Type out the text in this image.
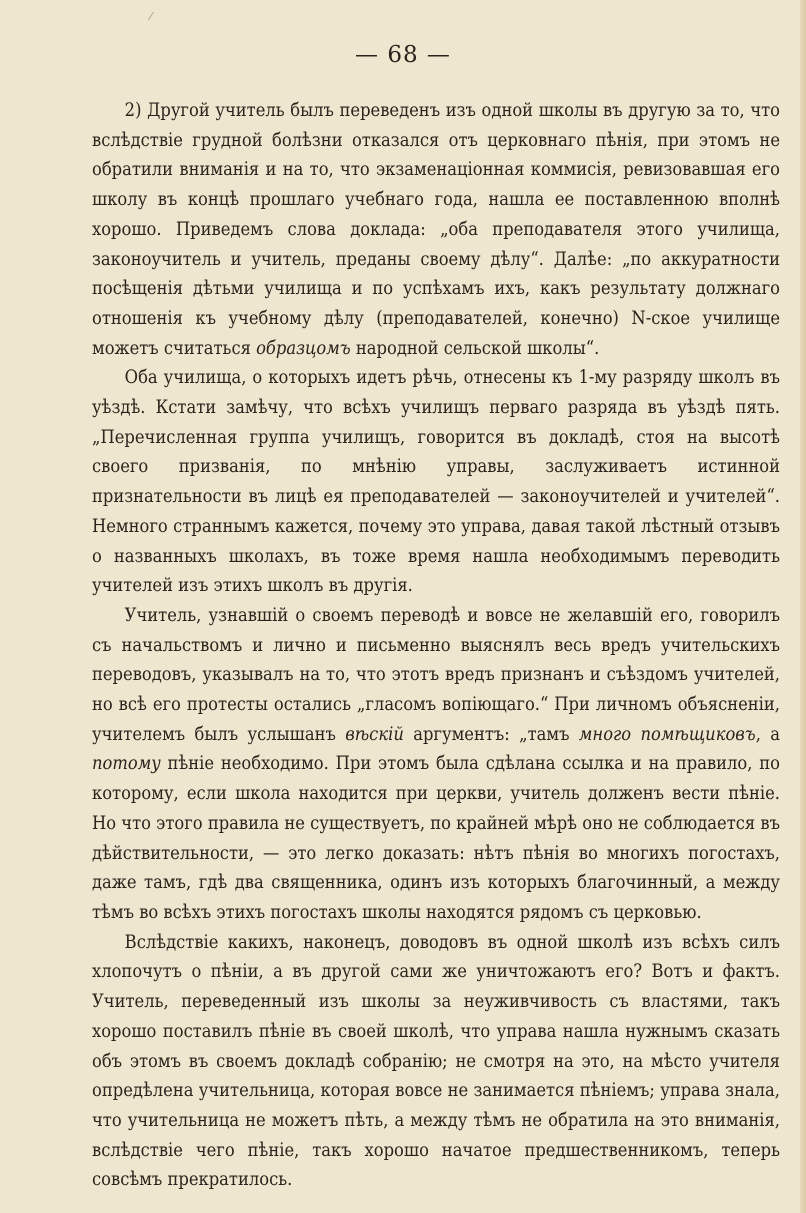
⁄
— 68 —

2) Другой учитель былъ переведенъ изъ одной школы въ другую за то, что вслѣдствіе грудной болѣзни отказался отъ церковнаго пѣнія, при этомъ не обратили вниманія и на то, что экзаменаціонная коммисія, ревизовавшая его школу въ концѣ прошлаго учебнаго года, нашла ее поставленною вполнѣ хорошо. Приведемъ слова доклада: „оба преподавателя этого училища, законоучитель и учитель, преданы своему дѣлу“. Далѣе: „по аккуратности посѣщенія дѣтьми училища и по успѣхамъ ихъ, какъ результату должнаго отношенія къ учебному дѣлу (преподавателей, конечно) N-ское училище можетъ считаться образцомъ народной сельской школы“.

Оба училища, о которыхъ идетъ рѣчь, отнесены къ 1-му разряду школъ въ уѣздѣ. Кстати замѣчу, что всѣхъ училищъ перваго разряда въ уѣздѣ пять. „Перечисленная группа училищъ, говорится въ докладѣ, стоя на высотѣ своего призванія, по мнѣнію управы, заслуживаетъ истинной признательности въ лицѣ ея преподавателей — законоучителей и учителей“. Немного страннымъ кажется, почему это управа, давая такой лѣстный отзывъ о названныхъ школахъ, въ тоже время нашла необходимымъ переводить учителей изъ этихъ школъ въ другія.

Учитель, узнавшій о своемъ переводѣ и вовсе не желавшій его, говорилъ съ начальствомъ и лично и письменно выяснялъ весь вредъ учительскихъ переводовъ, указывалъ на то, что этотъ вредъ признанъ и съѣздомъ учителей, но всѣ его протесты остались „гласомъ вопіющаго.“ При личномъ объясненіи, учителемъ былъ услышанъ вѣскій аргументъ: „тамъ много помѣщиковъ, а потому пѣніе необходимо. При этомъ была сдѣлана ссылка и на правило, по которому, если школа находится при церкви, учитель долженъ вести пѣніе. Но что этого правила не существуетъ, по крайней мѣрѣ оно не соблюдается въ дѣйствительности, — это легко доказать: нѣтъ пѣнія во многихъ погостахъ, даже тамъ, гдѣ два священника, одинъ изъ которыхъ благочинный, а между тѣмъ во всѣхъ этихъ погостахъ школы находятся рядомъ съ церковью.

Вслѣдствіе какихъ, наконецъ, доводовъ въ одной школѣ изъ всѣхъ силъ хлопочутъ о пѣніи, а въ другой сами же уничтожаютъ его? Вотъ и фактъ. Учитель, переведенный изъ школы за неуживчивость съ властями, такъ хорошо поставилъ пѣніе въ своей школѣ, что управа нашла нужнымъ сказать объ этомъ въ своемъ докладѣ собранію; не смотря на это, на мѣсто учителя опредѣлена учительница, которая вовсе не занимается пѣніемъ; управа знала, что учительница не можетъ пѣть, а между тѣмъ не обратила на это вниманія, вслѣдствіе чего пѣніе, такъ хорошо начатое предшественникомъ, теперь совсѣмъ прекратилось.
